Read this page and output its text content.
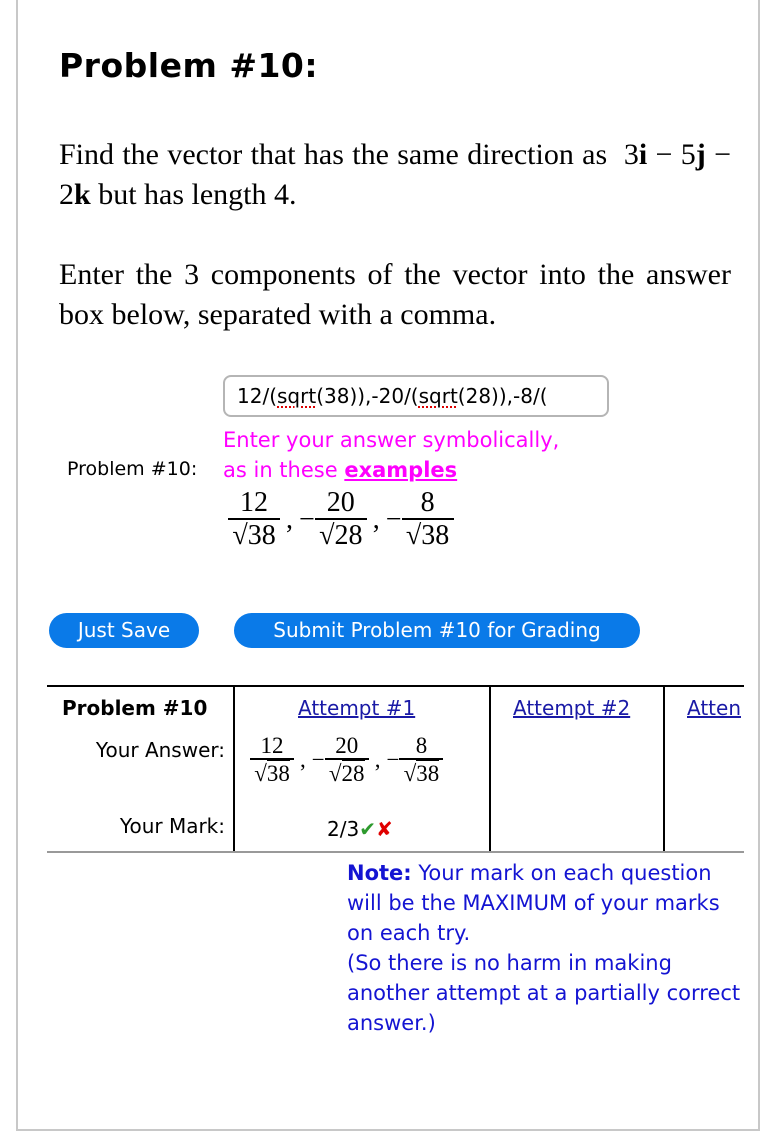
Problem #10:
Find the vector that has the same direction as 3i − 5j − 2k but has length 4.
Enter the 3 components of the vector into the answer box below, separated with a comma.
Problem #10:
12/(sqrt(38)),-20/(sqrt(28)),-8/(
Enter your answer symbolically,
as in these examples
$\frac{12}{√38}$ , − $\frac{20}{√28}$ , − $\frac{8}{√38}$
Just Save	Submit Problem #10 for Grading
Problem #10	Attempt #1	Attempt #2	Atten
Your Answer: $\frac{12}{√38}$ , − $\frac{20}{√28}$ , − $\frac{8}{√38}$
Your Mark:	2/3✔✘
Note: Your mark on each question will be the MAXIMUM of your marks on each try.
(So there is no harm in making another attempt at a partially correct answer.)
